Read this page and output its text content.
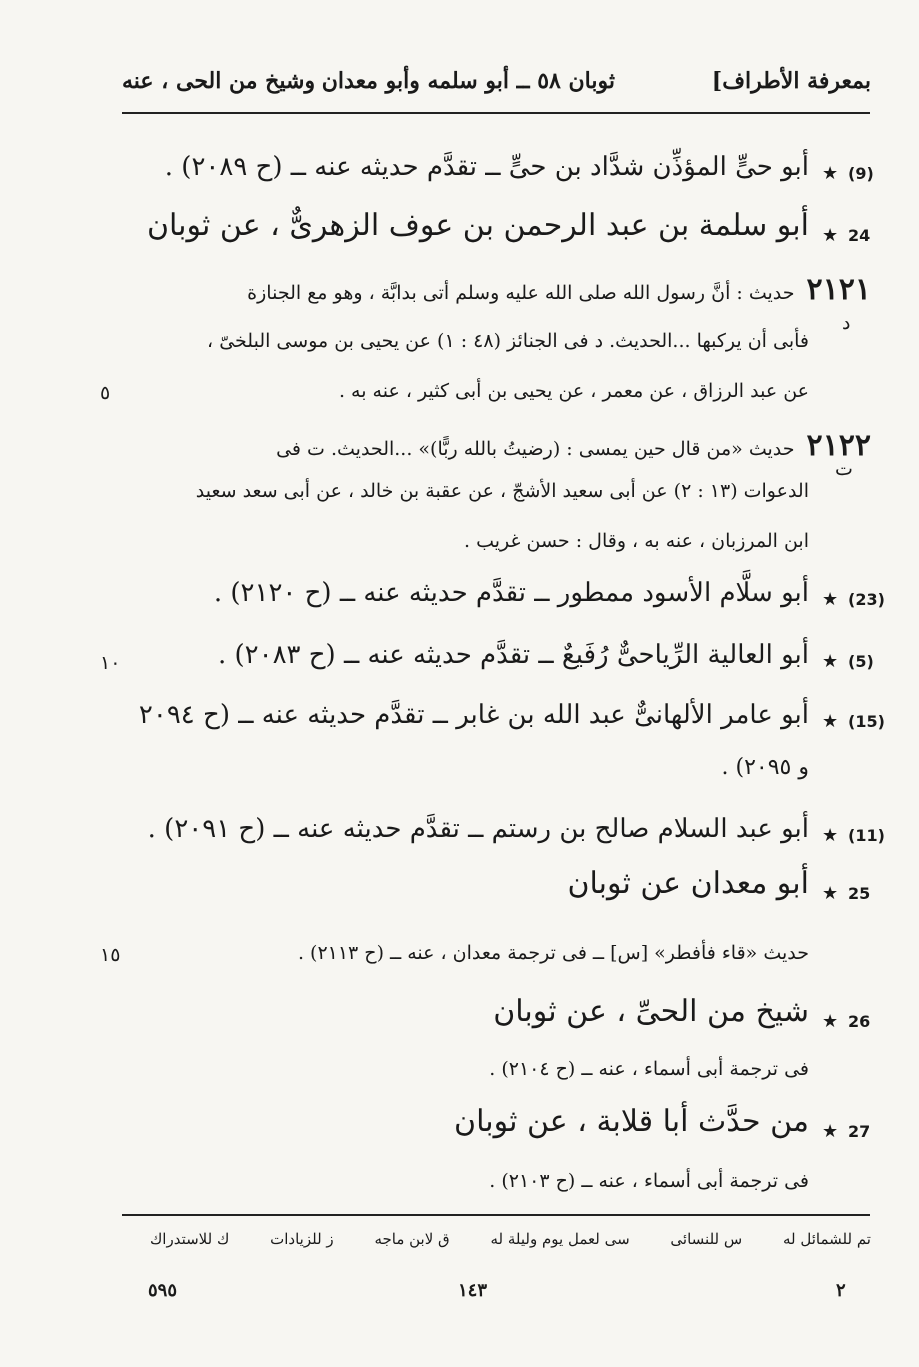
بمعرفة الأطراف]
ثوبان ٥٨ ــ أبو سلمه وأبو معدان
وشيخ من الحى ، عنه
(9)
★
أبو حىٍّ المؤذِّن شدَّاد بن حىٍّ ــ تقدَّم حديثه عنه ــ (ح ٢٠٨٩) .
24
★
أبو سلمة بن عبد الرحمن بن عوف الزهرىٌّ ، عن ثوبان
٢١٢١ حديث : أنَّ رسول الله صلى الله عليه وسلم أتى بدابَّة ، وهو مع الجنازة
فأبى أن يركبها ...الحديث. د فى الجنائز (٤٨ : ١) عن يحيى بن موسى البلخىّ ،
عن عبد الرزاق ، عن معمر ، عن يحيى بن أبى كثير ، عنه به .
د
٥
٢١٢٢ حديث «من قال حين يمسى : (رضيتُ بالله ربًّا)» ...الحديث. ت فى
ت
الدعوات (١٣ : ٢) عن أبى سعيد الأشجّ ، عن عقبة بن خالد ، عن أبى سعد سعيد
ابن المرزبان ، عنه به ، وقال : حسن غريب .
(23)
★
أبو سلَّام الأسود ممطور ــ تقدَّم حديثه عنه ــ (ح ٢١٢٠) .
(5)
★
أبو العالية الرِّياحىٌّ رُفَيعٌ ــ تقدَّم حديثه عنه ــ (ح ٢٠٨٣) .
١٠
(15)
★
أبو عامر الألهانىٌّ عبد الله بن غابر ــ تقدَّم حديثه عنه ــ (ح ٢٠٩٤
و ٢٠٩٥) .
(11)
★
أبو عبد السلام صالح بن رستم ــ تقدَّم حديثه عنه ــ (ح ٢٠٩١) .
25
★
أبو معدان عن ثوبان
حديث «قاء فأفطر» [س] ــ فى ترجمة معدان ، عنه ــ (ح ٢١١٣) .
١٥
26
★
شيخ من الحىِّ ، عن ثوبان
فى ترجمة أبى أسماء ، عنه ــ (ح ٢١٠٤) .
27
★
من حدَّث أبا قلابة ، عن ثوبان
فى ترجمة أبى أسماء ، عنه ــ (ح ٢١٠٣) .
تم للشمائل له س للنسائى سى لعمل يوم وليلة له ق لابن ماجه ز للزيادات ك للاستدراك
٥٩٥	١٤٣	٢
